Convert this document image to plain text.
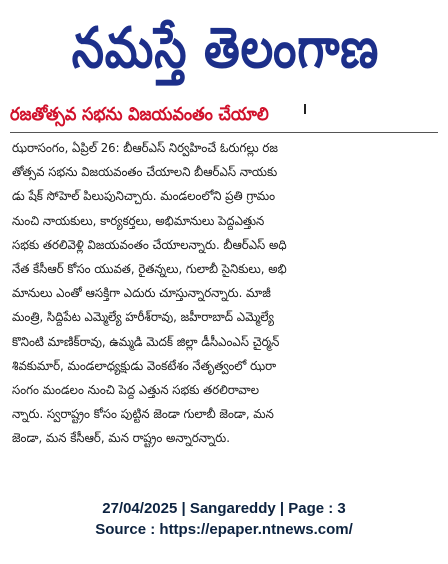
నమస్తే తెలంగాణ
రజతోత్సవ సభను విజయవంతం చేయాలి
ఝరాసంగం, ఏప్రిల్ 26: బీఆర్ఎస్ నిర్వహించే ఓరుగల్లు రజ
తోత్సవ సభను విజయవంతం చేయాలని బీఆర్ఎస్ నాయకు
డు షేక్ సోహెల్ పిలుపునిచ్చారు. మండలంలోని ప్రతి గ్రామం
నుంచి నాయకులు, కార్యకర్తలు, అభిమానులు పెద్దఎత్తున
సభకు తరలివెళ్లి విజయవంతం చేయాలన్నారు. బీఆర్ఎస్ అధి
నేత కేసీఆర్ కోసం యువత, రైతన్నలు, గులాబీ సైనికులు, అభి
మానులు ఎంతో ఆసక్తిగా ఎదురు చూస్తున్నారన్నారు. మాజీ
మంత్రి, సిద్దిపేట ఎమ్మెల్యే హరీశ్‌రావు, జహీరాబాద్ ఎమ్మెల్యే
కొనింటి మాణిక్‌రావు, ఉమ్మడి మెదక్ జిల్లా డీసీఎంఎస్ చైర్మన్
శివకుమార్, మండలాధ్యక్షుడు వెంకటేశం నేతృత్వంలో ఝరా
సంగం మండలం నుంచి పెద్ద ఎత్తున సభకు తరలిరావాల
న్నారు. స్వరాష్ట్రం కోసం పుట్టిన జెండా గులాబీ జెండా, మన
జెండా, మన కేసీఆర్, మన రాష్ట్రం అన్నారన్నారు.
27/04/2025 | Sangareddy | Page : 3
Source : https://epaper.ntnews.com/
